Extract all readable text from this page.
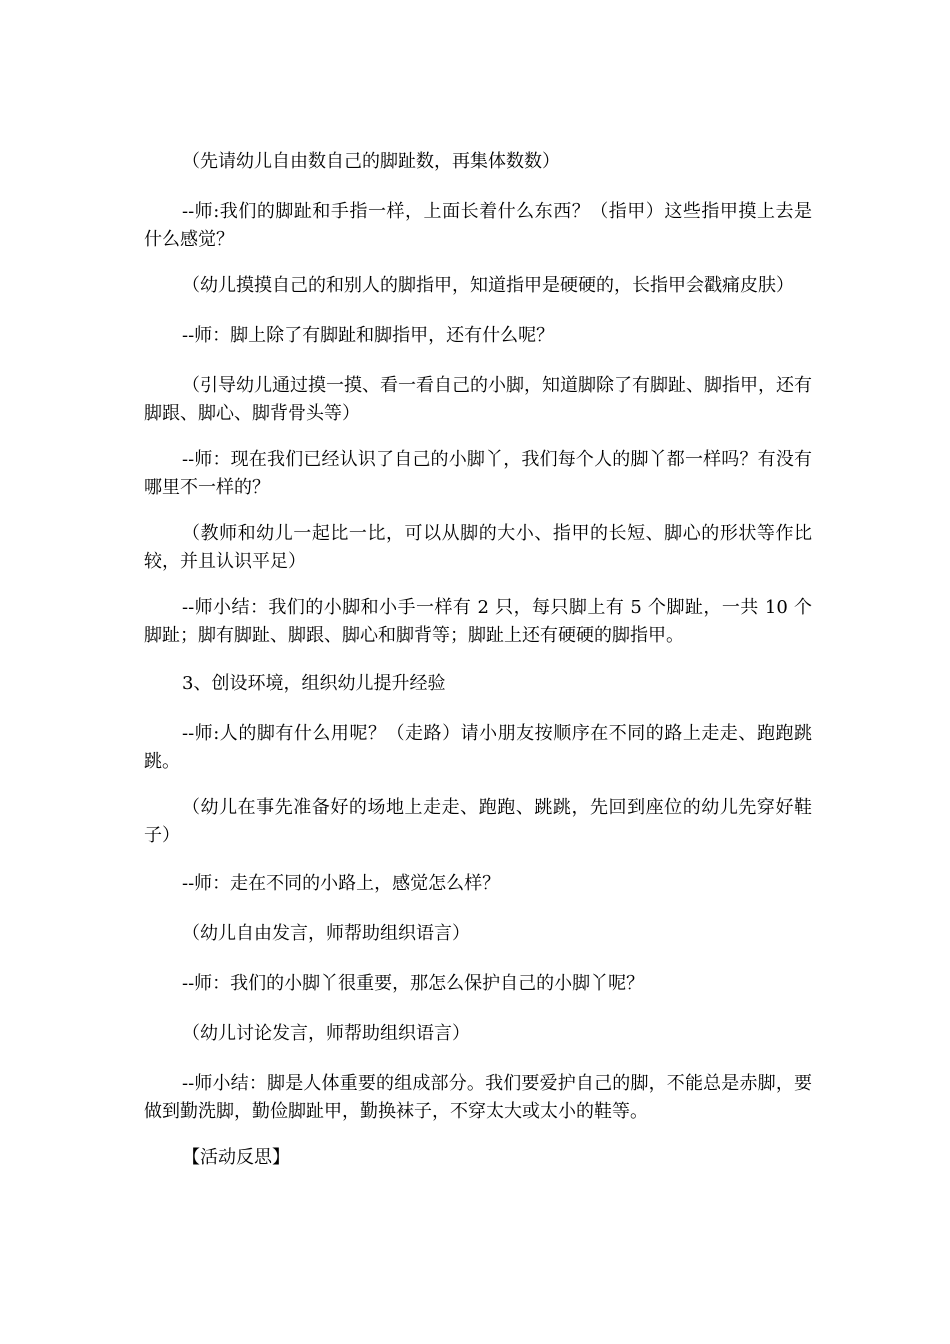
（先请幼儿自由数自己的脚趾数，再集体数数）

--师:我们的脚趾和手指一样，上面长着什么东西？（指甲）这些指甲摸上去是什么感觉？

（幼儿摸摸自己的和别人的脚指甲，知道指甲是硬硬的，长指甲会戳痛皮肤）

--师：脚上除了有脚趾和脚指甲，还有什么呢？

（引导幼儿通过摸一摸、看一看自己的小脚，知道脚除了有脚趾、脚指甲，还有脚跟、脚心、脚背骨头等）

--师：现在我们已经认识了自己的小脚丫，我们每个人的脚丫都一样吗？有没有哪里不一样的？

（教师和幼儿一起比一比，可以从脚的大小、指甲的长短、脚心的形状等作比较，并且认识平足）

--师小结：我们的小脚和小手一样有 2 只，每只脚上有 5 个脚趾，一共 10 个脚趾；脚有脚趾、脚跟、脚心和脚背等；脚趾上还有硬硬的脚指甲。

3、创设环境，组织幼儿提升经验

--师:人的脚有什么用呢？（走路）请小朋友按顺序在不同的路上走走、跑跑跳跳。

（幼儿在事先准备好的场地上走走、跑跑、跳跳，先回到座位的幼儿先穿好鞋子）

--师：走在不同的小路上，感觉怎么样？

（幼儿自由发言，师帮助组织语言）

--师：我们的小脚丫很重要，那怎么保护自己的小脚丫呢？

（幼儿讨论发言，师帮助组织语言）

--师小结：脚是人体重要的组成部分。我们要爱护自己的脚，不能总是赤脚，要做到勤洗脚，勤俭脚趾甲，勤换袜子，不穿太大或太小的鞋等。

【活动反思】
